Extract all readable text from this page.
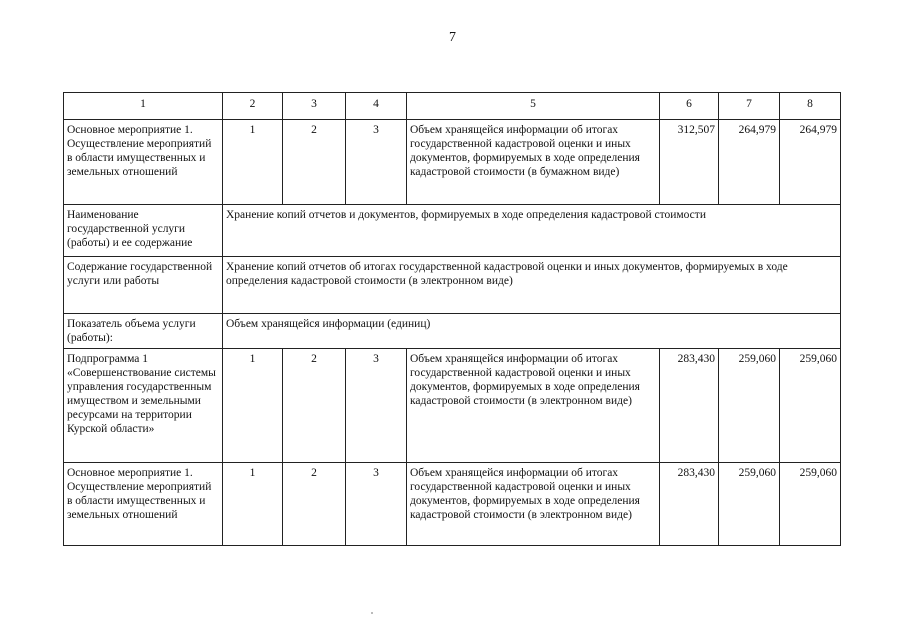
7
1	2	3	4	5	6	7	8
Основное мероприятие 1. Осуществление мероприятий в области имущественных и земельных отношений	1	2	3	Объем хранящейся информации об итогах государственной кадастровой оценки и иных документов, формируемых в ходе определения кадастровой стоимости (в бумажном виде)	312,507	264,979	264,979
Наименование государственной услуги (работы) и ее содержание	Хранение копий отчетов и документов, формируемых в ходе определения кадастровой стоимости						
Содержание государственной услуги или работы	Хранение копий отчетов об итогах государственной кадастровой оценки и иных документов, формируемых в ходе определения кадастровой стоимости (в электронном виде)						
Показатель объема услуги (работы):	Объем хранящейся информации (единиц)						
Подпрограмма 1 «Совершенствование системы управления государственным имуществом и земельными ресурсами на территории Курской области»	1	2	3	Объем хранящейся информации об итогах государственной кадастровой оценки и иных документов, формируемых в ходе определения кадастровой стоимости (в электронном виде)	283,430	259,060	259,060
Основное мероприятие 1. Осуществление мероприятий в области имущественных и земельных отношений	1	2	3	Объем хранящейся информации об итогах государственной кадастровой оценки и иных документов, формируемых в ходе определения кадастровой стоимости (в электронном виде)	283,430	259,060	259,060
